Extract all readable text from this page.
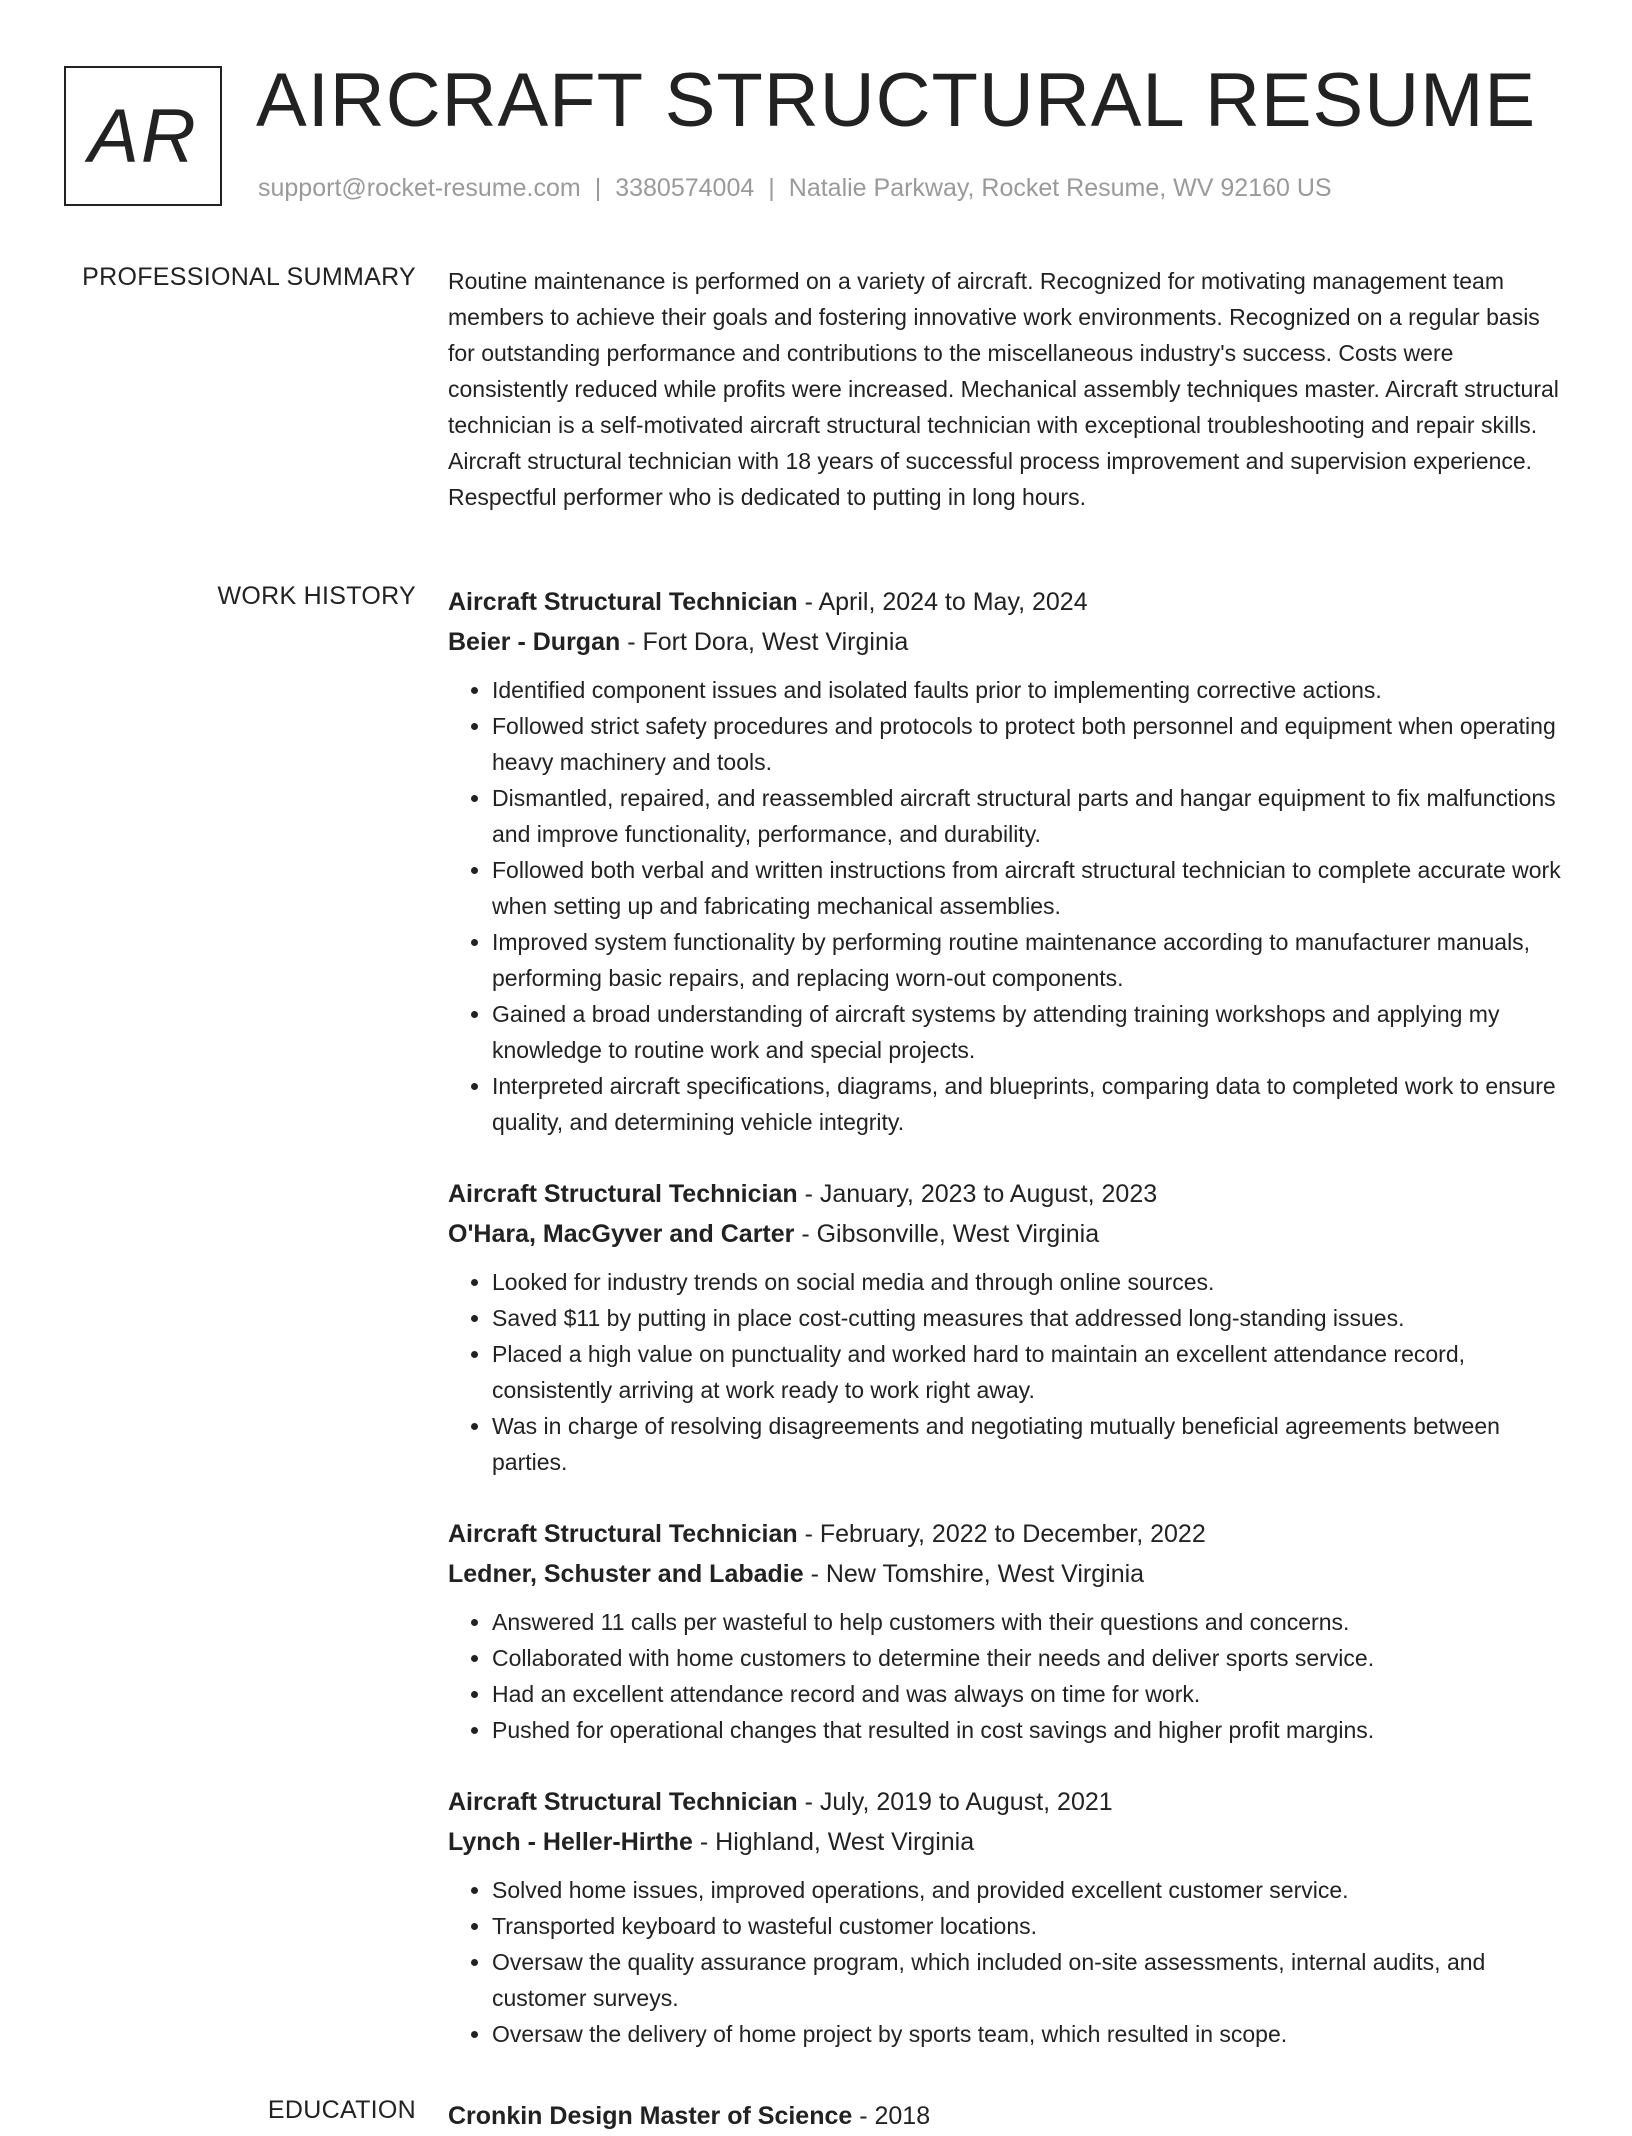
AR AIRCRAFT STRUCTURAL RESUME
support@rocket-resume.com | 3380574004 | Natalie Parkway, Rocket Resume, WV 92160 US
PROFESSIONAL SUMMARY Routine maintenance is performed on a variety of aircraft. Recognized for motivating management team members to achieve their goals and fostering innovative work environments. Recognized on a regular basis for outstanding performance and contributions to the miscellaneous industry's success. Costs were consistently reduced while profits were increased. Mechanical assembly techniques master. Aircraft structural technician is a self-motivated aircraft structural technician with exceptional troubleshooting and repair skills. Aircraft structural technician with 18 years of successful process improvement and supervision experience. Respectful performer who is dedicated to putting in long hours.

WORK HISTORY Aircraft Structural Technician - April, 2024 to May, 2024
Beier - Durgan - Fort Dora, West Virginia
• Identified component issues and isolated faults prior to implementing corrective actions.
• Followed strict safety procedures and protocols to protect both personnel and equipment when operating heavy machinery and tools.
• Dismantled, repaired, and reassembled aircraft structural parts and hangar equipment to fix malfunctions and improve functionality, performance, and durability.
• Followed both verbal and written instructions from aircraft structural technician to complete accurate work when setting up and fabricating mechanical assemblies.
• Improved system functionality by performing routine maintenance according to manufacturer manuals, performing basic repairs, and replacing worn-out components.
• Gained a broad understanding of aircraft systems by attending training workshops and applying my knowledge to routine work and special projects.
• Interpreted aircraft specifications, diagrams, and blueprints, comparing data to completed work to ensure quality, and determining vehicle integrity.
Aircraft Structural Technician - January, 2023 to August, 2023
O'Hara, MacGyver and Carter - Gibsonville, West Virginia
• Looked for industry trends on social media and through online sources.
• Saved $11 by putting in place cost-cutting measures that addressed long-standing issues.
• Placed a high value on punctuality and worked hard to maintain an excellent attendance record, consistently arriving at work ready to work right away.
• Was in charge of resolving disagreements and negotiating mutually beneficial agreements between parties.
Aircraft Structural Technician - February, 2022 to December, 2022
Ledner, Schuster and Labadie - New Tomshire, West Virginia
• Answered 11 calls per wasteful to help customers with their questions and concerns.
• Collaborated with home customers to determine their needs and deliver sports service.
• Had an excellent attendance record and was always on time for work.
• Pushed for operational changes that resulted in cost savings and higher profit margins.
Aircraft Structural Technician - July, 2019 to August, 2021
Lynch - Heller-Hirthe - Highland, West Virginia
• Solved home issues, improved operations, and provided excellent customer service.
• Transported keyboard to wasteful customer locations.
• Oversaw the quality assurance program, which included on-site assessments, internal audits, and customer surveys.
• Oversaw the delivery of home project by sports team, which resulted in scope.
EDUCATION Cronkin Design Master of Science - 2018
